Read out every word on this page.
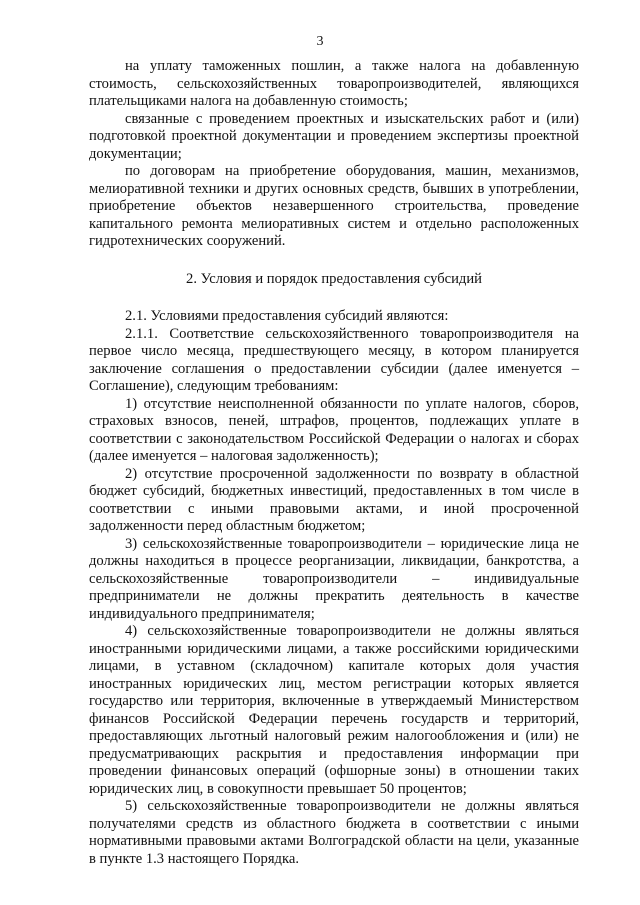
3

на уплату таможенных пошлин, а также налога на добавленную стоимость, сельскохозяйственных товаропроизводителей, являющихся плательщиками налога на добавленную стоимость;

связанные с проведением проектных и изыскательских работ и (или) подготовкой проектной документации и проведением экспертизы проектной документации;

по договорам на приобретение оборудования, машин, механизмов, мелиоративной техники и других основных средств, бывших в употреблении, приобретение объектов незавершенного строительства, проведение капитального ремонта мелиоративных систем и отдельно расположенных гидротехнических сооружений.

2. Условия и порядок предоставления субсидий

2.1. Условиями предоставления субсидий являются:

2.1.1. Соответствие сельскохозяйственного товаропроизводителя на первое число месяца, предшествующего месяцу, в котором планируется заключение соглашения о предоставлении субсидии (далее именуется – Соглашение), следующим требованиям:

1) отсутствие неисполненной обязанности по уплате налогов, сборов, страховых взносов, пеней, штрафов, процентов, подлежащих уплате в соответствии с законодательством Российской Федерации о налогах и сборах (далее именуется – налоговая задолженность);

2) отсутствие просроченной задолженности по возврату в областной бюджет субсидий, бюджетных инвестиций, предоставленных в том числе в соответствии с иными правовыми актами, и иной просроченной задолженности перед областным бюджетом;

3) сельскохозяйственные товаропроизводители – юридические лица не должны находиться в процессе реорганизации, ликвидации, банкротства, а сельскохозяйственные товаропроизводители – индивидуальные предприниматели не должны прекратить деятельность в качестве индивидуального предпринимателя;

4) сельскохозяйственные товаропроизводители не должны являться иностранными юридическими лицами, а также российскими юридическими лицами, в уставном (складочном) капитале которых доля участия иностранных юридических лиц, местом регистрации которых является государство или территория, включенные в утверждаемый Министерством финансов Российской Федерации перечень государств и территорий, предоставляющих льготный налоговый режим налогообложения и (или) не предусматривающих раскрытия и предоставления информации при проведении финансовых операций (офшорные зоны) в отношении таких юридических лиц, в совокупности превышает 50 процентов;

5) сельскохозяйственные товаропроизводители не должны являться получателями средств из областного бюджета в соответствии с иными нормативными правовыми актами Волгоградской области на цели, указанные в пункте 1.3 настоящего Порядка.
